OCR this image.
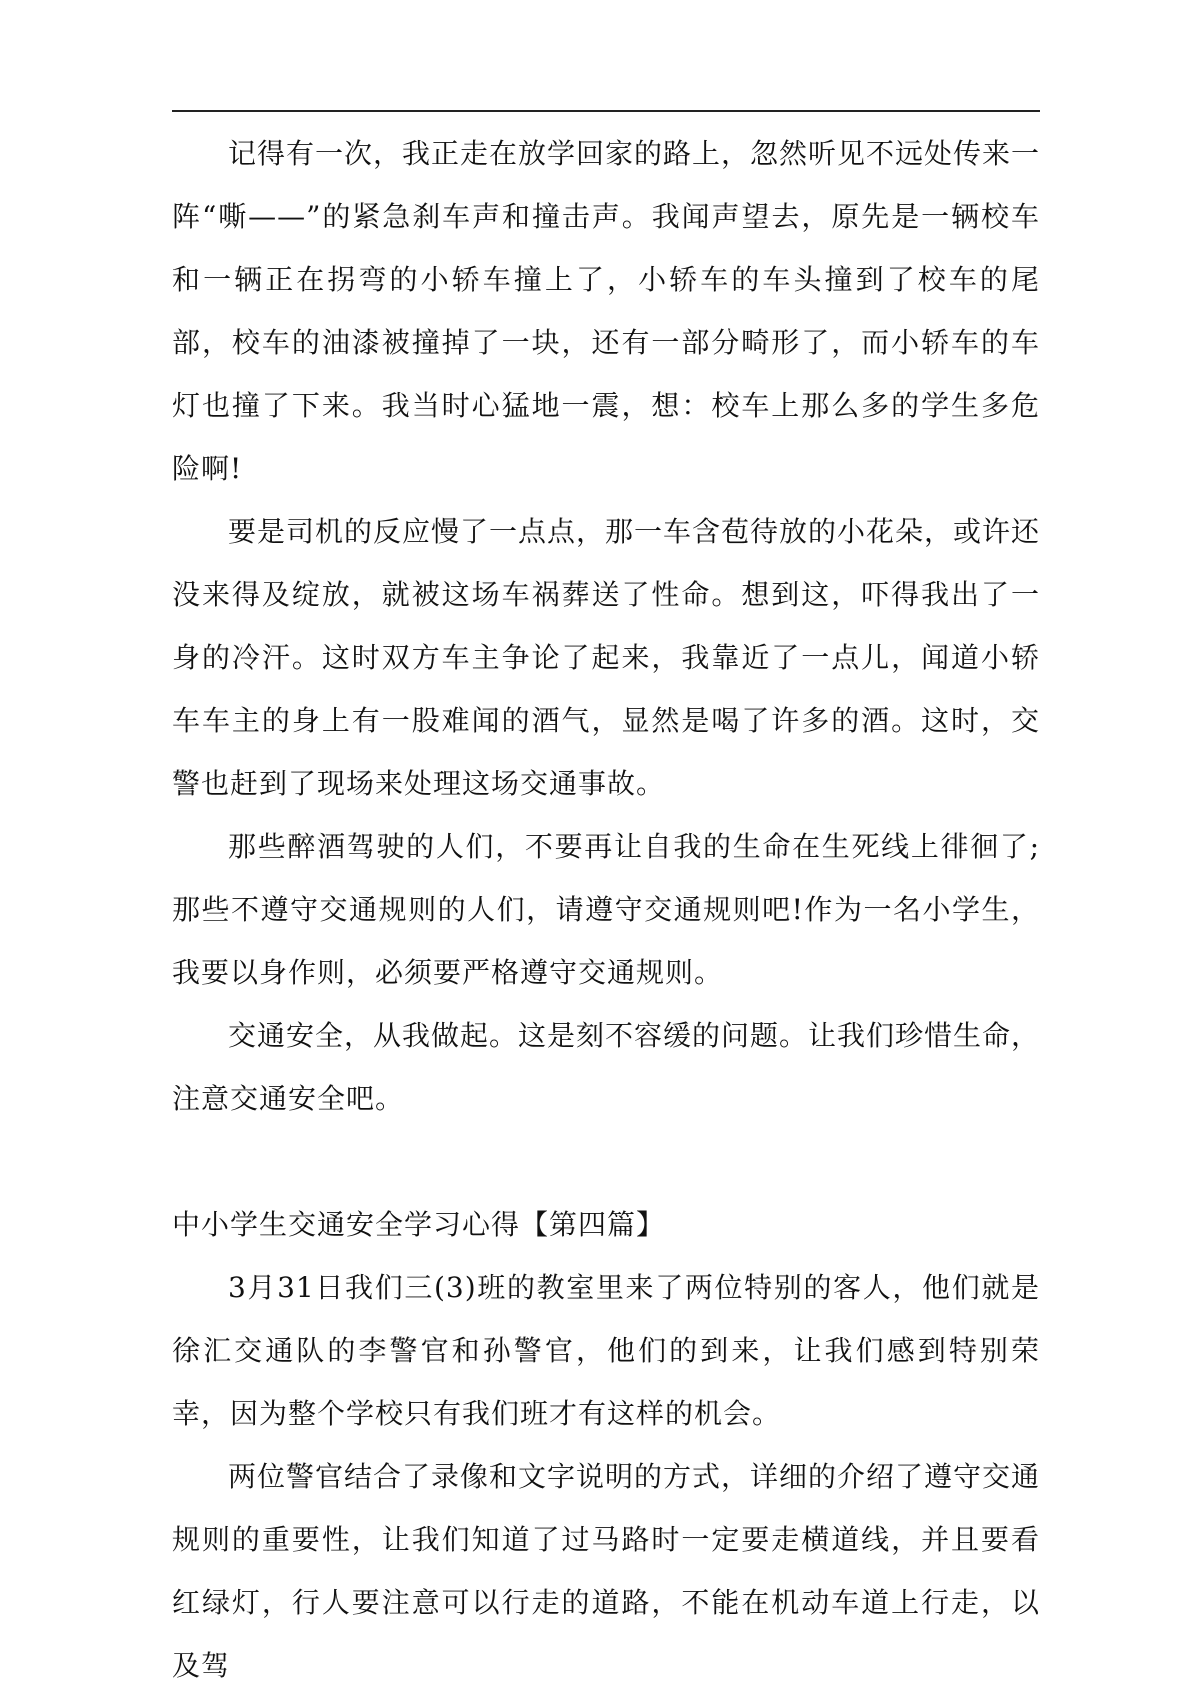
记得有一次，我正走在放学回家的路上，忽然听见不远处传来一阵“嘶——”的紧急刹车声和撞击声。我闻声望去，原先是一辆校车和一辆正在拐弯的小轿车撞上了，小轿车的车头撞到了校车的尾部，校车的油漆被撞掉了一块，还有一部分畸形了，而小轿车的车灯也撞了下来。我当时心猛地一震，想：校车上那么多的学生多危险啊!

要是司机的反应慢了一点点，那一车含苞待放的小花朵，或许还没来得及绽放，就被这场车祸葬送了性命。想到这，吓得我出了一身的冷汗。这时双方车主争论了起来，我靠近了一点儿，闻道小轿车车主的身上有一股难闻的酒气，显然是喝了许多的酒。这时，交警也赶到了现场来处理这场交通事故。

那些醉酒驾驶的人们，不要再让自我的生命在生死线上徘徊了;那些不遵守交通规则的人们，请遵守交通规则吧!作为一名小学生，我要以身作则，必须要严格遵守交通规则。

交通安全，从我做起。这是刻不容缓的问题。让我们珍惜生命，注意交通安全吧。

中小学生交通安全学习心得【第四篇】

3月31日我们三(3)班的教室里来了两位特别的客人，他们就是徐汇交通队的李警官和孙警官，他们的到来，让我们感到特别荣幸，因为整个学校只有我们班才有这样的机会。

两位警官结合了录像和文字说明的方式，详细的介绍了遵守交通规则的重要性，让我们知道了过马路时一定要走横道线，并且要看红绿灯，行人要注意可以行走的道路，不能在机动车道上行走，以及驾
